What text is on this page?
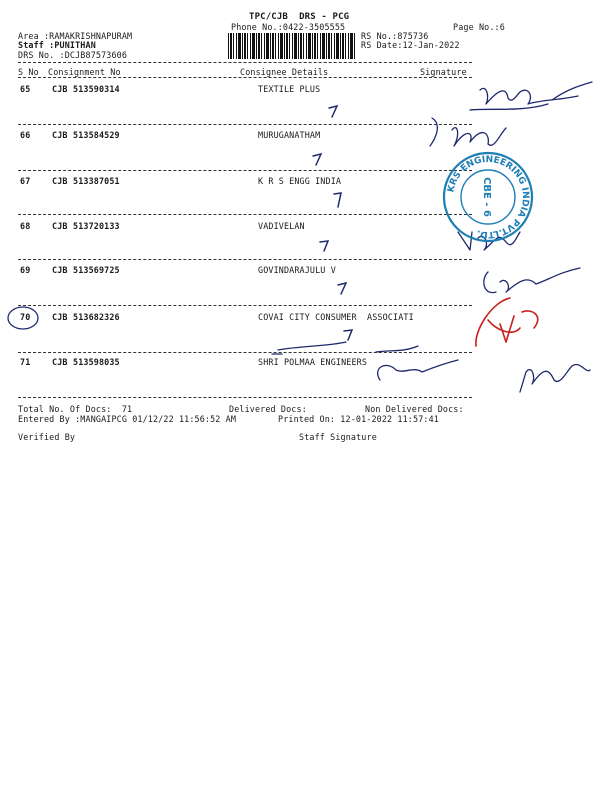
TPC/CJB  DRS - PCG
Phone No.:0422-3505555	Page No.:6
Area :RAMAKRISHNAPURAM
Staff :PUNITHAN
DRS No. :DCJB87573606
RS No.:875736
RS Date:12-Jan-2022
S No Consignment No	Consignee Details	Signature
65	CJB 513590314	TEXTILE PLUS
66	CJB 513584529	MURUGANATHAM
67	CJB 513387051	K R S ENGG INDIA
68	CJB 513720133	VADIVELAN
69	CJB 513569725	GOVINDARAJULU V
70	CJB 513682326	COVAI CITY CONSUMER  ASSOCIATI
71	CJB 513598035	SHRI POLMAA ENGINEERS
Total No. Of Docs:  71	Delivered Docs:	Non Delivered Docs:
Entered By :MANGAIPCG 01/12/22 11:56:52 AM	Printed On: 12-01-2022 11:57:41
Verified By	Staff Signature
KRS ENGINEERING INDIA PVT.LTD.
CBE - 6
